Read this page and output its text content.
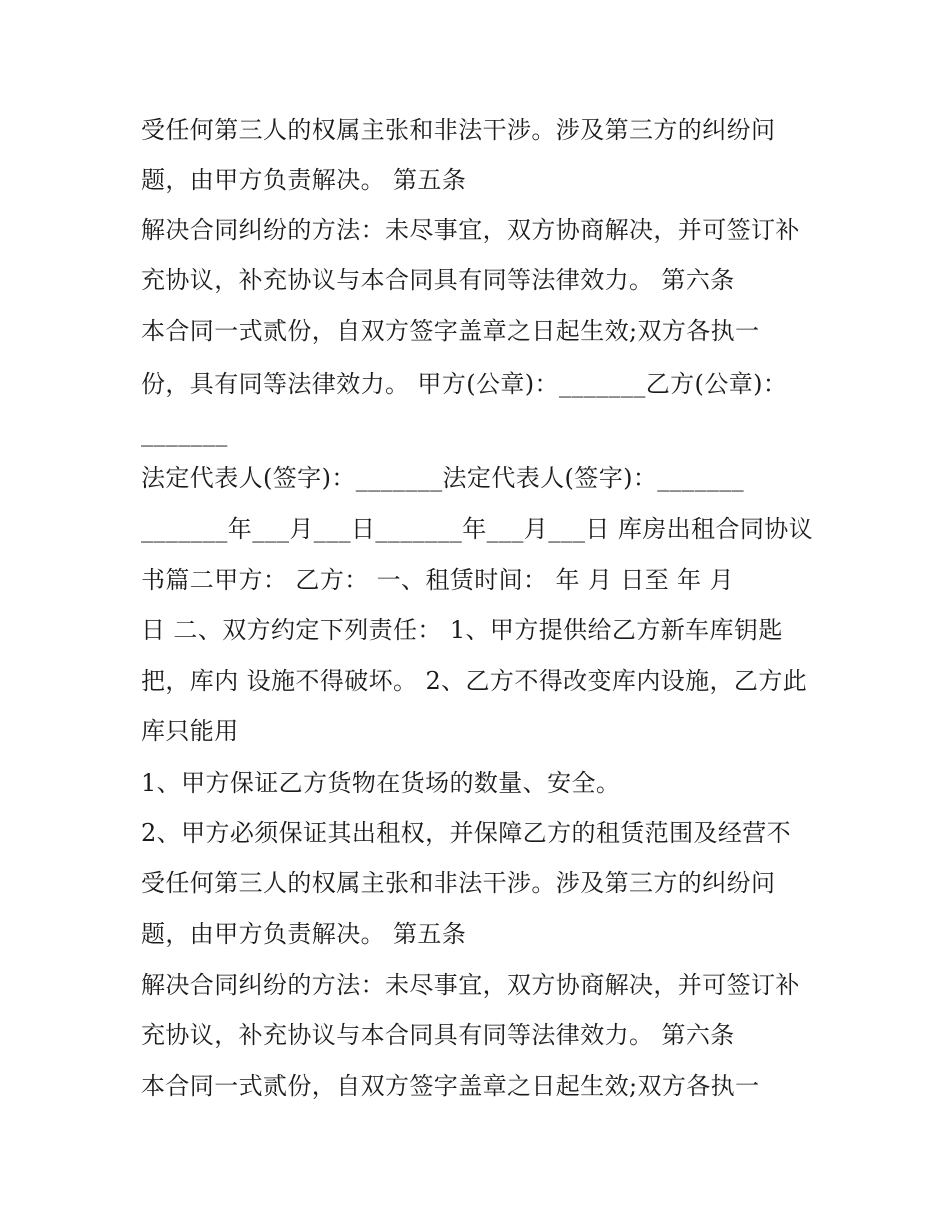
受任何第三人的权属主张和非法干涉。涉及第三方的纠纷问
题，由甲方负责解决。 第五条
解决合同纠纷的方法：未尽事宜，双方协商解决，并可签订补
充协议，补充协议与本合同具有同等法律效力。 第六条
本合同一式贰份，自双方签字盖章之日起生效;双方各执一
份，具有同等法律效力。 甲方(公章)：_______乙方(公章)：
_______
法定代表人(签字)：_______法定代表人(签字)：_______
_______年___月___日_______年___月___日 库房出租合同协议
书篇二甲方： 乙方： 一、租赁时间： 年 月 日至 年 月
日 二、双方约定下列责任： 1、甲方提供给乙方新车库钥匙
把，库内 设施不得破坏。 2、乙方不得改变库内设施，乙方此
库只能用
1、甲方保证乙方货物在货场的数量、安全。
2、甲方必须保证其出租权，并保障乙方的租赁范围及经营不
受任何第三人的权属主张和非法干涉。涉及第三方的纠纷问
题，由甲方负责解决。 第五条
解决合同纠纷的方法：未尽事宜，双方协商解决，并可签订补
充协议，补充协议与本合同具有同等法律效力。 第六条
本合同一式贰份，自双方签字盖章之日起生效;双方各执一
